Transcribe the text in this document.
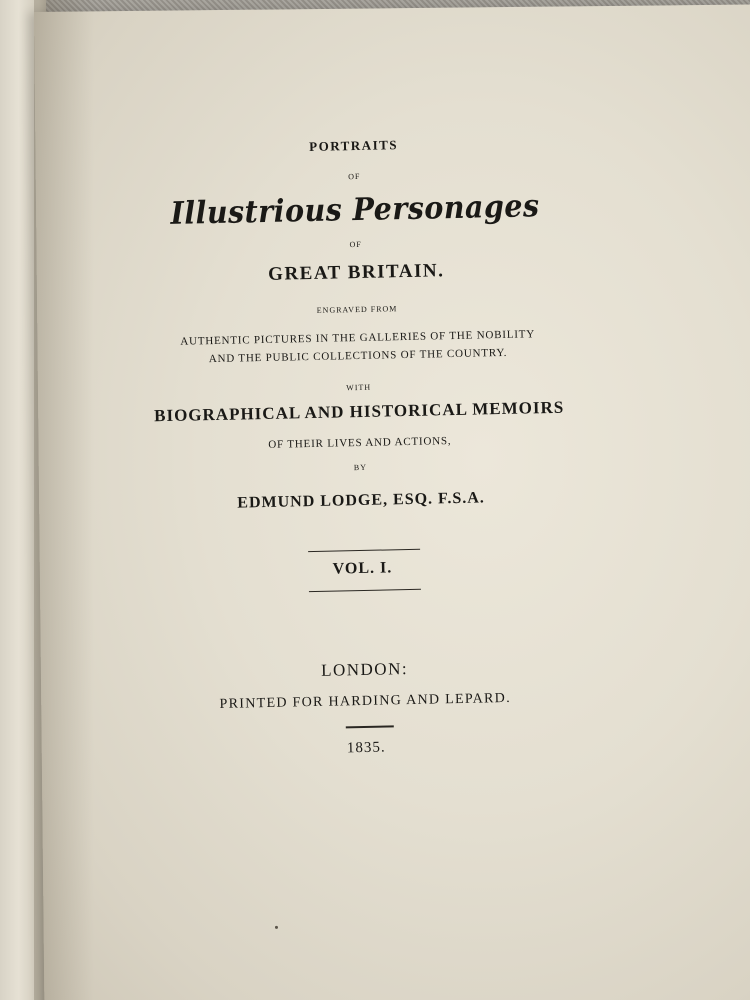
PORTRAITS
OF
Illustrious Personages
OF
GREAT BRITAIN.
ENGRAVED FROM
AUTHENTIC PICTURES IN THE GALLERIES OF THE NOBILITY
AND THE PUBLIC COLLECTIONS OF THE COUNTRY.
WITH
BIOGRAPHICAL AND HISTORICAL MEMOIRS
OF THEIR LIVES AND ACTIONS,
BY
EDMUND LODGE, ESQ. F.S.A.
VOL. I.
LONDON:
PRINTED FOR HARDING AND LEPARD.
1835.
